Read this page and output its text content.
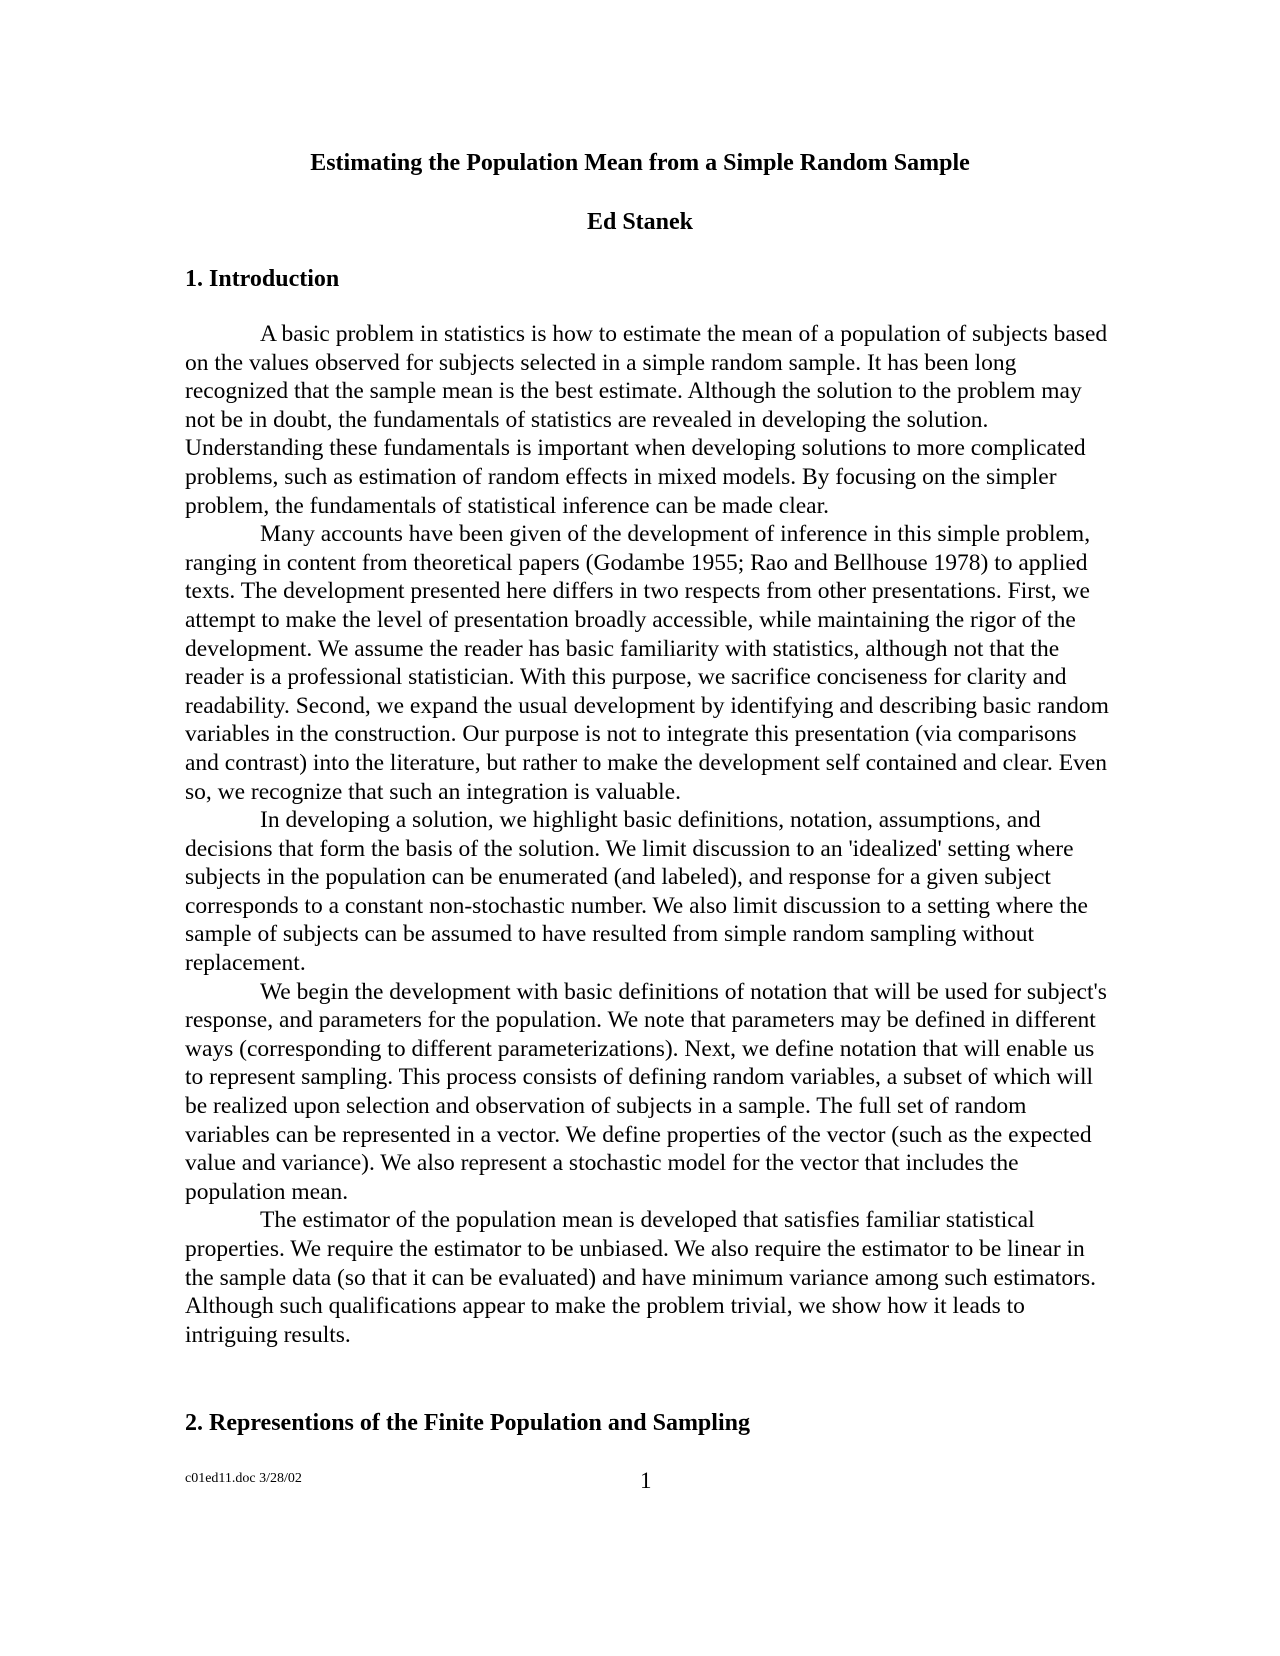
Estimating the Population Mean from a Simple Random Sample

Ed Stanek

1. Introduction

A basic problem in statistics is how to estimate the mean of a population of subjects based on the values observed for subjects selected in a simple random sample. It has been long recognized that the sample mean is the best estimate. Although the solution to the problem may not be in doubt, the fundamentals of statistics are revealed in developing the solution. Understanding these fundamentals is important when developing solutions to more complicated problems, such as estimation of random effects in mixed models. By focusing on the simpler problem, the fundamentals of statistical inference can be made clear.

Many accounts have been given of the development of inference in this simple problem, ranging in content from theoretical papers (Godambe 1955; Rao and Bellhouse 1978) to applied texts. The development presented here differs in two respects from other presentations. First, we attempt to make the level of presentation broadly accessible, while maintaining the rigor of the development. We assume the reader has basic familiarity with statistics, although not that the reader is a professional statistician. With this purpose, we sacrifice conciseness for clarity and readability. Second, we expand the usual development by identifying and describing basic random variables in the construction. Our purpose is not to integrate this presentation (via comparisons and contrast) into the literature, but rather to make the development self contained and clear. Even so, we recognize that such an integration is valuable.

In developing a solution, we highlight basic definitions, notation, assumptions, and decisions that form the basis of the solution. We limit discussion to an 'idealized' setting where subjects in the population can be enumerated (and labeled), and response for a given subject corresponds to a constant non-stochastic number. We also limit discussion to a setting where the sample of subjects can be assumed to have resulted from simple random sampling without replacement.

We begin the development with basic definitions of notation that will be used for subject's response, and parameters for the population. We note that parameters may be defined in different ways (corresponding to different parameterizations). Next, we define notation that will enable us to represent sampling. This process consists of defining random variables, a subset of which will be realized upon selection and observation of subjects in a sample. The full set of random variables can be represented in a vector. We define properties of the vector (such as the expected value and variance). We also represent a stochastic model for the vector that includes the population mean.

The estimator of the population mean is developed that satisfies familiar statistical properties. We require the estimator to be unbiased. We also require the estimator to be linear in the sample data (so that it can be evaluated) and have minimum variance among such estimators. Although such qualifications appear to make the problem trivial, we show how it leads to intriguing results.

2. Representions of the Finite Population and Sampling

c01ed11.doc 3/28/02	1
